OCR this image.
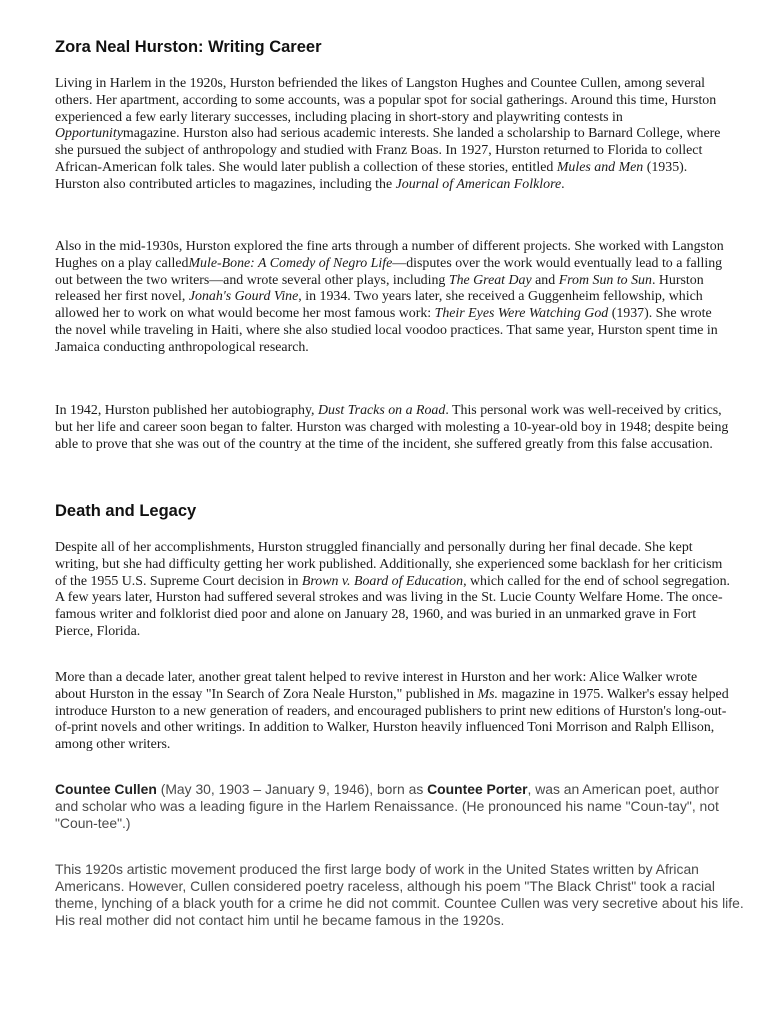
Zora Neal Hurston: Writing Career

Living in Harlem in the 1920s, Hurston befriended the likes of Langston Hughes and Countee Cullen, among several others. Her apartment, according to some accounts, was a popular spot for social gatherings. Around this time, Hurston experienced a few early literary successes, including placing in short-story and playwriting contests in Opportunitymagazine. Hurston also had serious academic interests. She landed a scholarship to Barnard College, where she pursued the subject of anthropology and studied with Franz Boas. In 1927, Hurston returned to Florida to collect African-American folk tales. She would later publish a collection of these stories, entitled Mules and Men (1935). Hurston also contributed articles to magazines, including the Journal of American Folklore.

Also in the mid-1930s, Hurston explored the fine arts through a number of different projects. She worked with Langston Hughes on a play calledMule-Bone: A Comedy of Negro Life—disputes over the work would eventually lead to a falling out between the two writers—and wrote several other plays, including The Great Day and From Sun to Sun. Hurston released her first novel, Jonah's Gourd Vine, in 1934. Two years later, she received a Guggenheim fellowship, which allowed her to work on what would become her most famous work: Their Eyes Were Watching God (1937). She wrote the novel while traveling in Haiti, where she also studied local voodoo practices. That same year, Hurston spent time in Jamaica conducting anthropological research.

In 1942, Hurston published her autobiography, Dust Tracks on a Road. This personal work was well-received by critics, but her life and career soon began to falter. Hurston was charged with molesting a 10-year-old boy in 1948; despite being able to prove that she was out of the country at the time of the incident, she suffered greatly from this false accusation.

Death and Legacy

Despite all of her accomplishments, Hurston struggled financially and personally during her final decade. She kept writing, but she had difficulty getting her work published. Additionally, she experienced some backlash for her criticism of the 1955 U.S. Supreme Court decision in Brown v. Board of Education, which called for the end of school segregation. A few years later, Hurston had suffered several strokes and was living in the St. Lucie County Welfare Home. The once-famous writer and folklorist died poor and alone on January 28, 1960, and was buried in an unmarked grave in Fort Pierce, Florida.

More than a decade later, another great talent helped to revive interest in Hurston and her work: Alice Walker wrote about Hurston in the essay "In Search of Zora Neale Hurston," published in Ms. magazine in 1975. Walker's essay helped introduce Hurston to a new generation of readers, and encouraged publishers to print new editions of Hurston's long-out-of-print novels and other writings. In addition to Walker, Hurston heavily influenced Toni Morrison and Ralph Ellison, among other writers.

Countee Cullen (May 30, 1903 – January 9, 1946), born as Countee Porter, was an American poet, author and scholar who was a leading figure in the Harlem Renaissance. (He pronounced his name "Coun-tay", not "Coun-tee".)

This 1920s artistic movement produced the first large body of work in the United States written by African Americans. However, Cullen considered poetry raceless, although his poem "The Black Christ" took a racial theme, lynching of a black youth for a crime he did not commit. Countee Cullen was very secretive about his life. His real mother did not contact him until he became famous in the 1920s.
